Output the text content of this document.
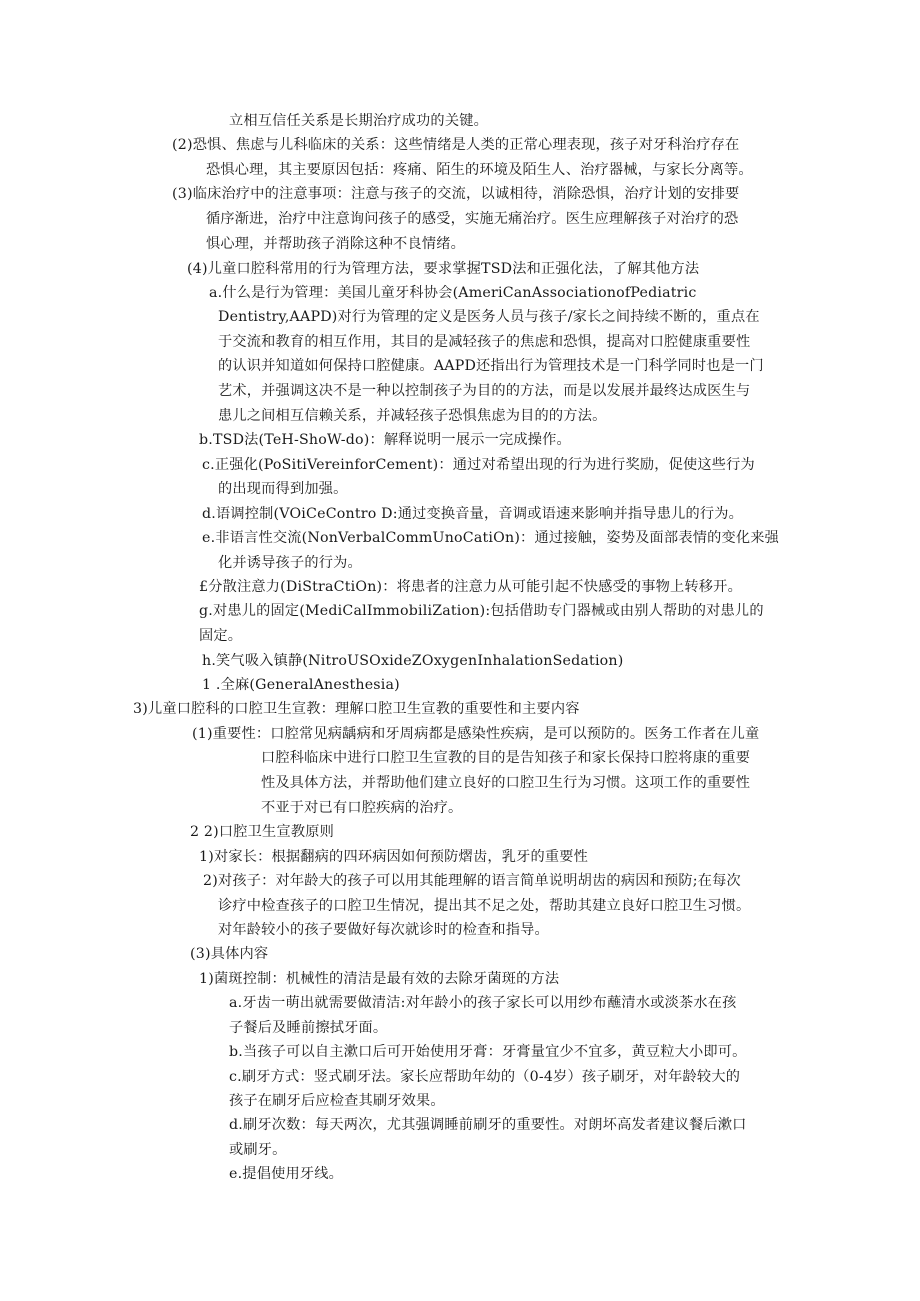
立相互信任关系是长期治疗成功的关键。
(2)恐惧、焦虑与儿科临床的关系：这些情绪是人类的正常心理表现，孩子对牙科治疗存在
恐惧心理，其主要原因包括：疼痛、陌生的环境及陌生人、治疗器械，与家长分离等。
(3)临床治疗中的注意事项：注意与孩子的交流，以诚相待，消除恐惧，治疗计划的安排要
循序渐进，治疗中注意询问孩子的感受，实施无痛治疗。医生应理解孩子对治疗的恐
惧心理，并帮助孩子消除这种不良情绪。
(4)儿童口腔科常用的行为管理方法，要求掌握TSD法和正强化法，了解其他方法
a.什么是行为管理：美国儿童牙科协会(AmeriCanAssociationofPediatric
Dentistry,AAPD)对行为管理的定义是医务人员与孩子/家长之间持续不断的，重点在
于交流和教育的相互作用，其目的是减轻孩子的焦虑和恐惧，提高对口腔健康重要性
的认识并知道如何保持口腔健康。AAPD还指出行为管理技术是一门科学同时也是一门
艺术，并强调这决不是一种以控制孩子为目的的方法，而是以发展并最终达成医生与
患儿之间相互信赖关系，并减轻孩子恐惧焦虑为目的的方法。
b.TSD法(TeH-ShoW-do)：解释说明一展示一完成操作。
c.正强化(PoSitiVereinforCement)：通过对希望出现的行为进行奖励，促使这些行为
的出现而得到加强。
d.语调控制(VOiCeContro D:通过变换音量，音调或语速来影响并指导患儿的行为。
e.非语言性交流(NonVerbalCommUnoCatiOn)：通过接触，姿势及面部表情的变化来强
化并诱导孩子的行为。
£分散注意力(DiStraCtiOn)：将患者的注意力从可能引起不快感受的事物上转移开。
g.对患儿的固定(MediCalImmobiliZation):包括借助专门器械或由别人帮助的对患儿的
固定。
h.笑气吸入镇静(NitroUSOxideZOxygenInhalationSedation)
1 .全麻(GeneralAnesthesia)
3)儿童口腔科的口腔卫生宣教：理解口腔卫生宣教的重要性和主要内容
(1)重要性：口腔常见病龋病和牙周病都是感染性疾病，是可以预防的。医务工作者在儿童
口腔科临床中进行口腔卫生宣教的目的是告知孩子和家长保持口腔将康的重要
性及具体方法，并帮助他们建立良好的口腔卫生行为习惯。这项工作的重要性
不亚于对已有口腔疾病的治疗。
2 2)口腔卫生宣教原则
1)对家长：根据翻病的四环病因如何预防熠齿，乳牙的重要性
2)对孩子：对年龄大的孩子可以用其能理解的语言简单说明胡齿的病因和预防;在每次
诊疗中检查孩子的口腔卫生情况，提出其不足之处，帮助其建立良好口腔卫生习惯。
对年龄较小的孩子要做好每次就诊时的检查和指导。
(3)具体内容
1)菌斑控制：机械性的清洁是最有效的去除牙菌斑的方法
a.牙齿一萌出就需要做清洁:对年龄小的孩子家长可以用纱布蘸清水或淡茶水在孩
子餐后及睡前擦拭牙面。
b.当孩子可以自主漱口后可开始使用牙膏：牙膏量宜少不宜多，黄豆粒大小即可。
c.刷牙方式：竖式刷牙法。家长应帮助年幼的（0-4岁）孩子刷牙，对年龄较大的
孩子在刷牙后应检查其刷牙效果。
d.刷牙次数：每天两次，尤其强调睡前刷牙的重要性。对朗坏高发者建议餐后漱口
或刷牙。
e.提倡使用牙线。
